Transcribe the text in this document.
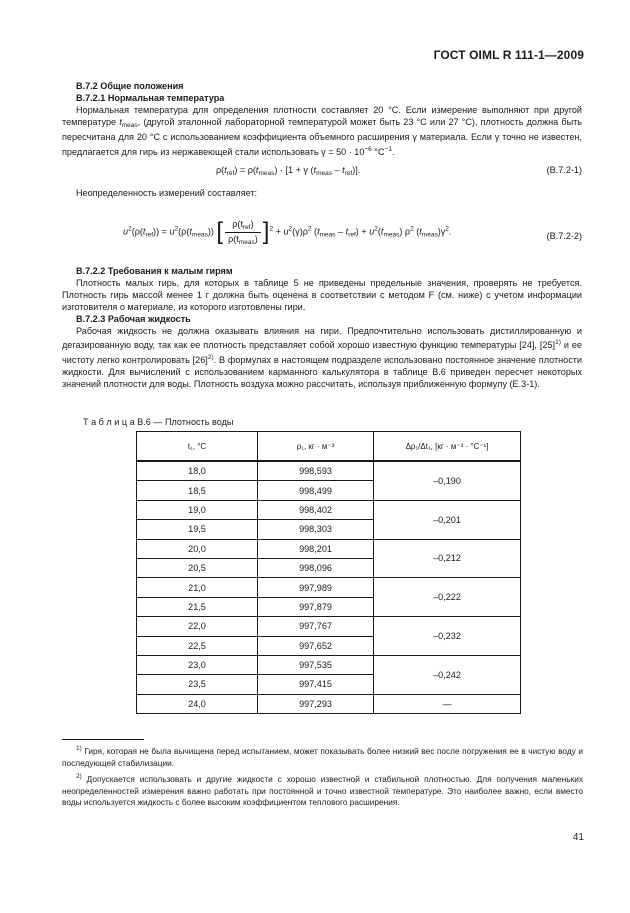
ГОСТ OIML R 111-1—2009
В.7.2 Общие положения
В.7.2.1 Нормальная температура

Нормальная температура для определения плотности составляет 20 °С. Если измерение выполняют при другой температуре $t_{meas}$, (другой эталонной лабораторной температурой может быть 23 °С или 27 °С), плотность должна быть пересчитана для 20 °С с использованием коэффициента объемного расширения γ материала. Если γ точно не известен, предлагается для гирь из нержавеющей стали использовать $\gamma = 50 \cdot 10^{-6}$ $^\circ С^{-1}$.

$\rho(t_{ref}) = \rho(t_{meas}) \cdot [1 + \gamma$ $(t_{meas} - t_{ref})$].	(В.7.2-1)

Неопределенность измерений составляет:

$u^2(\rho(t_{ref})) = u^2(\rho(t_{meas}))$ [ $\frac{\rho(t_{ref})}{\rho(t_{meas})} ]^2 + u^2(\gamma)\rho^2$ $(t_{meas} - t_{ref}) + u^2(t_{meas})$ $\rho^2$ $(t_{meas})\gamma^2$.	(В.7.2-2)
В.7.2.2 Требования к малым гирям

Плотность малых гирь, для которых в таблице 5 не приведены предельные значения, проверять не требуется. Плотность гирь массой менее 1 г должна быть оценена в соответствии с методом F (см. ниже) с учетом информации изготовителя о материале, из которого изготовлены гири.

В.7.2.3 Рабочая жидкость

Рабочая жидкость не должна оказывать влияния на гири. Предпочтительно использовать дистиллированную и дегазированную воду, так как ее плотность представляет собой хорошо известную функцию температуры [24], $[25]^{1)}$ и ее чистоту легко контролировать $[26]^{2)}$. В формулах в настоящем подразделе использовано постоянное значение плотности жидкости. Для вычислений с использованием карманного калькулятора в таблице В.6 приведен пересчет некоторых значений плотности для воды. Плотность воздуха можно рассчитать, используя приближенную формулу (Е.3-1).

Т а б л и ц а В.6 — Плотность воды
t₁, °С	ρ₁, кг · м⁻³	Δρ₁/Δt₁, [кг · м⁻³ · °С⁻¹]
18,0	998,593	–0,190
18,5	998,499	
19,0	998,402	–0,201
19,5	998,303	
20,0	998,201	–0,212
20,5	998,096	
21,0	997,989	–0,222
21,5	997,879	
22,0	997,767	–0,232
22,5	997,652	
23,0	997,535	–0,242
23,5	997,415	
24,0	997,293	—
$^{1)}$ Гиря, которая не была вычищена перед испытанием, может показывать более низкий вес после погружения ее в чистую воду и последующей стабилизации.
$^{2)}$ Допускается использовать и другие жидкости с хорошо известной и стабильной плотностью. Для получения маленьких неопределенностей измерения важно работать при постоянной и точно известной температуре. Это наиболее важно, если вместо воды используется жидкость с более высоким коэффициентом теплового расширения.
41
